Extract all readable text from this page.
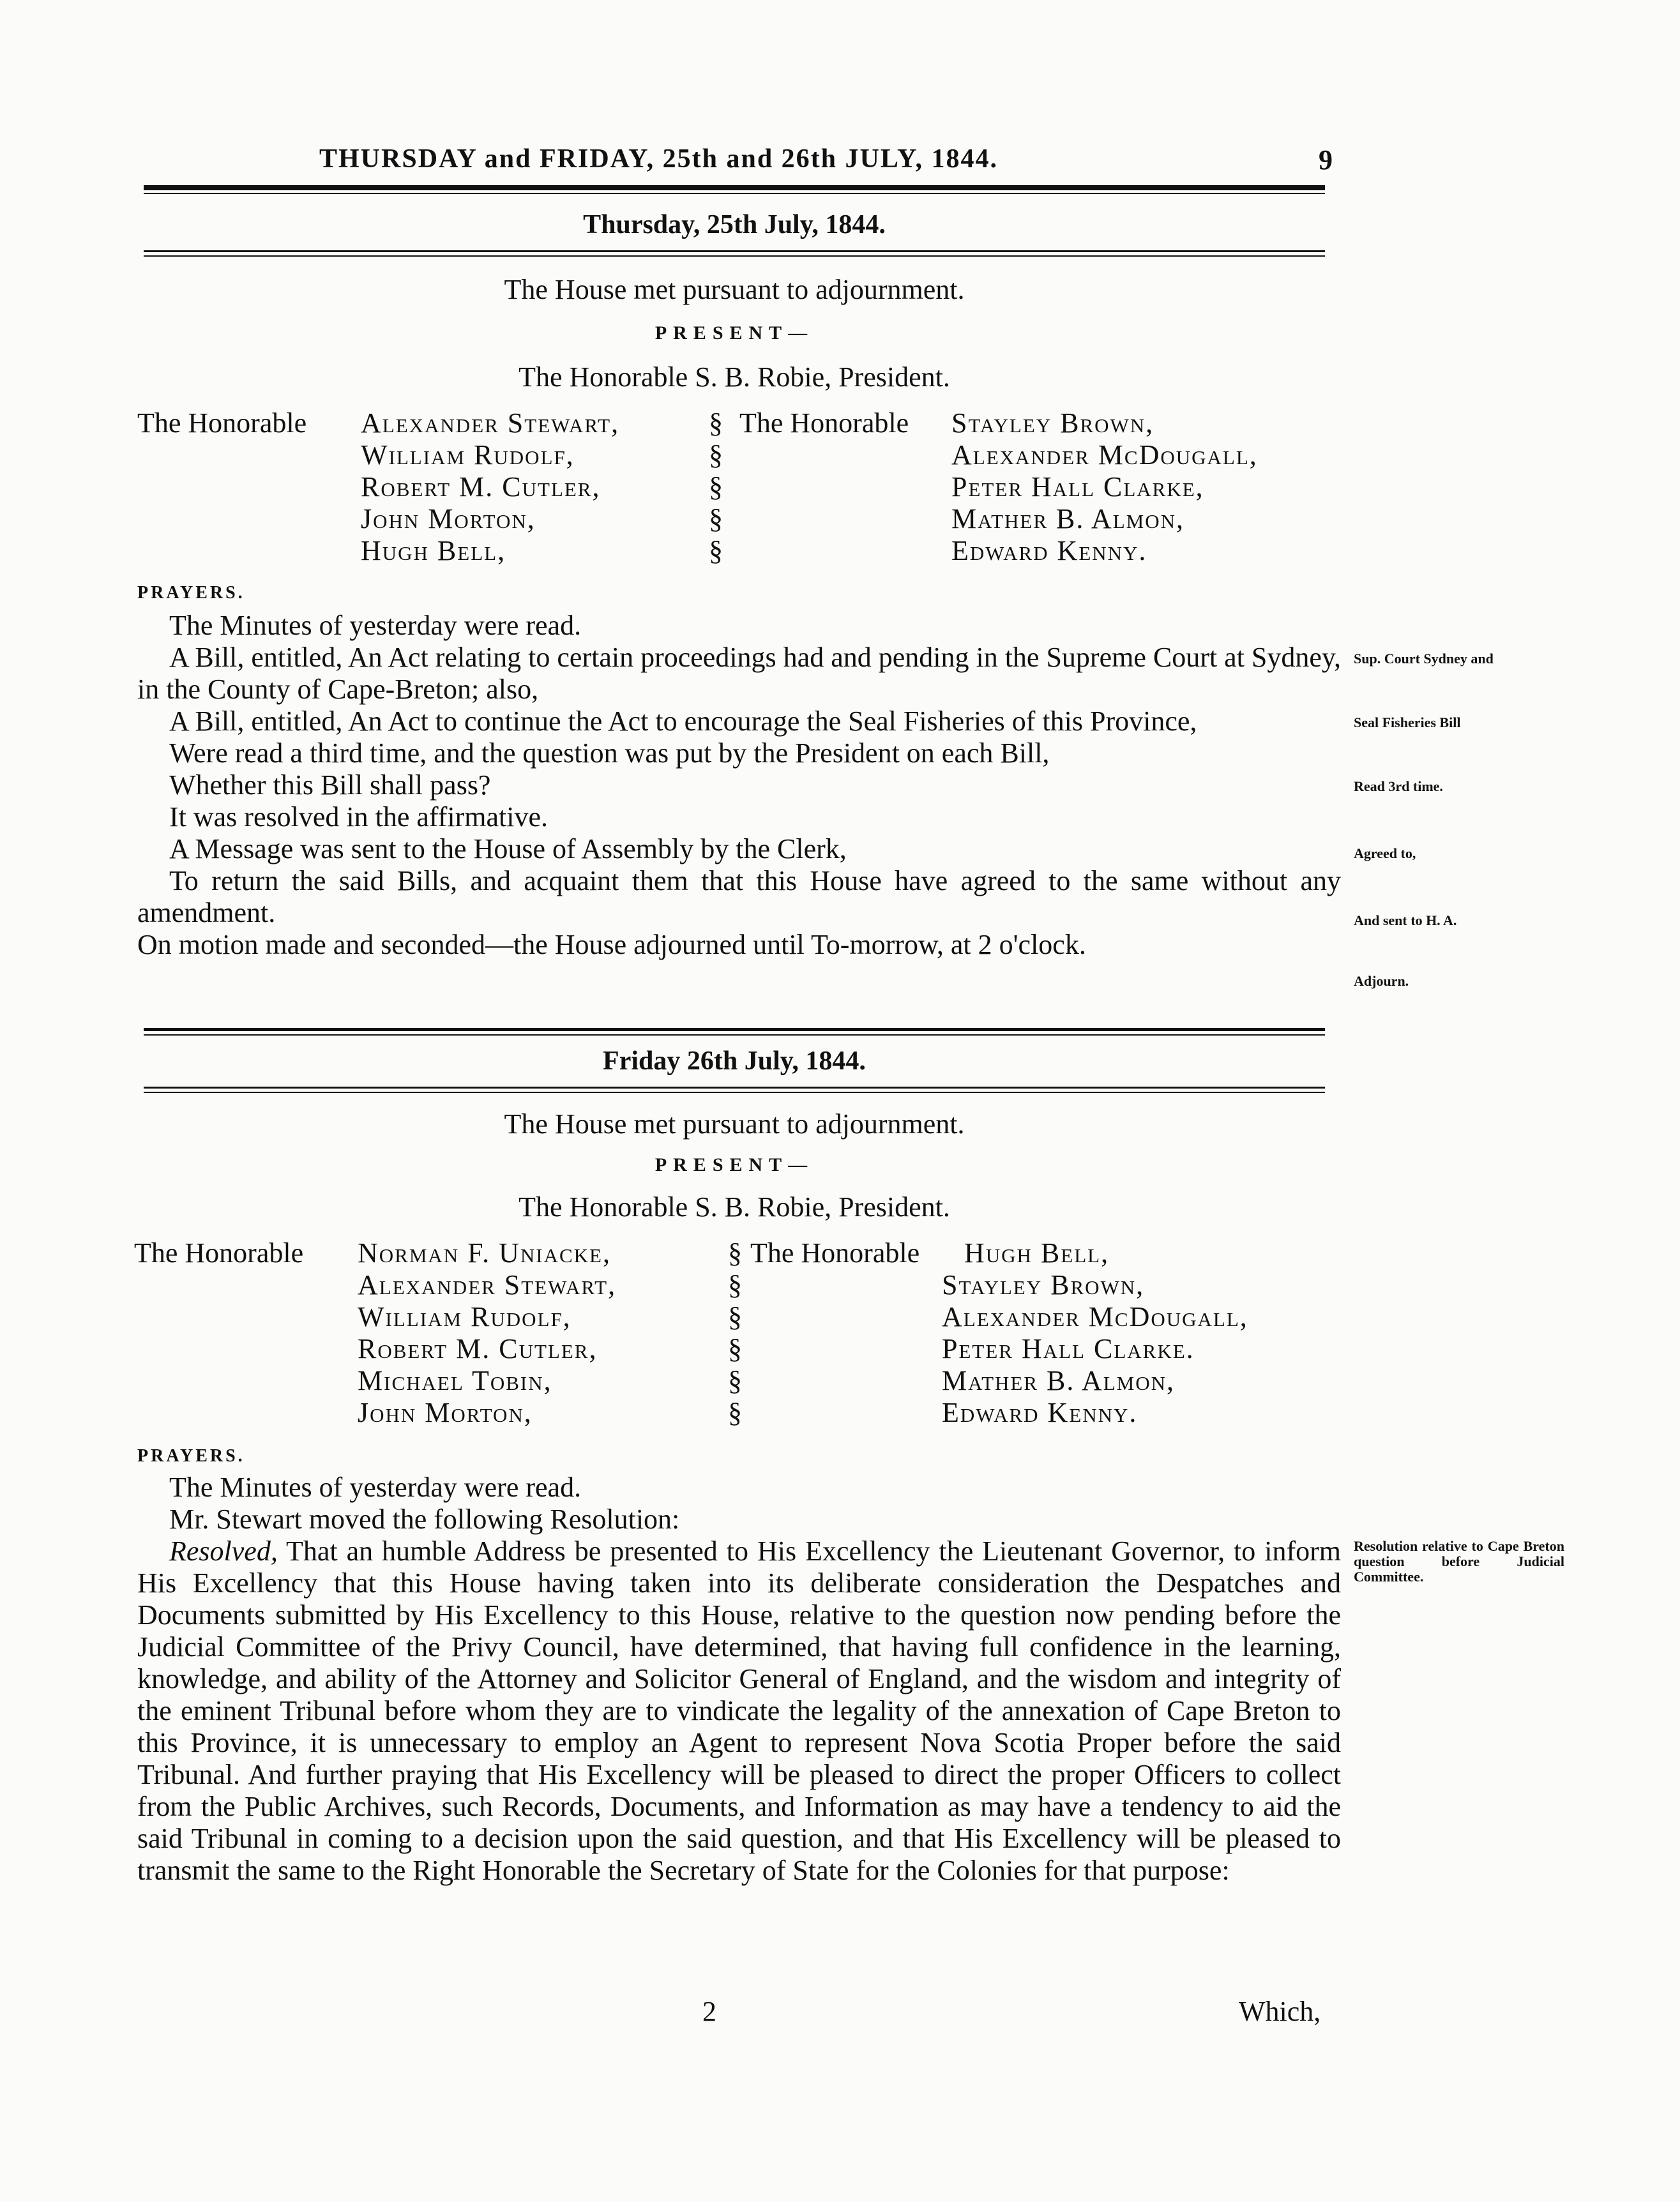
THURSDAY and FRIDAY, 25th and 26th JULY, 1844.	9
Thursday, 25th July, 1844.
The House met pursuant to adjournment.
PRESENT—
The Honorable S. B. Robie, President.
The Honorable Alexander Stewart,
William Rudolf,
Robert M. Cutler,
John Morton,
Hugh Bell,
§
§
§
§
§
The Honorable Stayley Brown,
Alexander McDougall,
Peter Hall Clarke,
Mather B. Almon,
Edward Kenny.
PRAYERS.

The Minutes of yesterday were read.

A Bill, entitled, An Act relating to certain proceedings had and pending in the Supreme Court at Sydney, in the County of Cape-Breton; also,

A Bill, entitled, An Act to continue the Act to encourage the Seal Fisheries of this Province,

Were read a third time, and the question was put by the President on each Bill,

Whether this Bill shall pass?

It was resolved in the affirmative.

A Message was sent to the House of Assembly by the Clerk,

To return the said Bills, and acquaint them that this House have agreed to the same without any amendment.

On motion made and seconded—the House adjourned until To-morrow, at 2 o'clock.

Sup. Court Sydney and
Seal Fisheries Bill
Read 3rd time.
Agreed to,
And sent to H. A.
Adjourn.
Friday 26th July, 1844.
The House met pursuant to adjournment.
PRESENT—
The Honorable S. B. Robie, President.
The Honorable Norman F. Uniacke,
Alexander Stewart,
William Rudolf,
Robert M. Cutler,
Michael Tobin,
John Morton,
§
§
§
§
§
§
The Honorable Hugh Bell,
Stayley Brown,
Alexander McDougall,
Peter Hall Clarke.
Mather B. Almon,
Edward Kenny.
PRAYERS.

The Minutes of yesterday were read.

Mr. Stewart moved the following Resolution:

Resolved, That an humble Address be presented to His Excellency the Lieutenant Governor, to inform His Excellency that this House having taken into its deliberate consideration the Despatches and Documents submitted by His Excellency to this House, relative to the question now pending before the Judicial Committee of the Privy Council, have determined, that having full confidence in the learning, knowledge, and ability of the Attorney and Solicitor General of England, and the wisdom and integrity of the eminent Tribunal before whom they are to vindicate the legality of the annexation of Cape Breton to this Province, it is unnecessary to employ an Agent to represent Nova Scotia Proper before the said Tribunal. And further praying that His Excellency will be pleased to direct the proper Officers to collect from the Public Archives, such Records, Documents, and Information as may have a tendency to aid the said Tribunal in coming to a decision upon the said question, and that His Excellency will be pleased to transmit the same to the Right Honorable the Secretary of State for the Colonies for that purpose:

Resolution relative to Cape Breton question before Judicial Committee.
2	Which,
